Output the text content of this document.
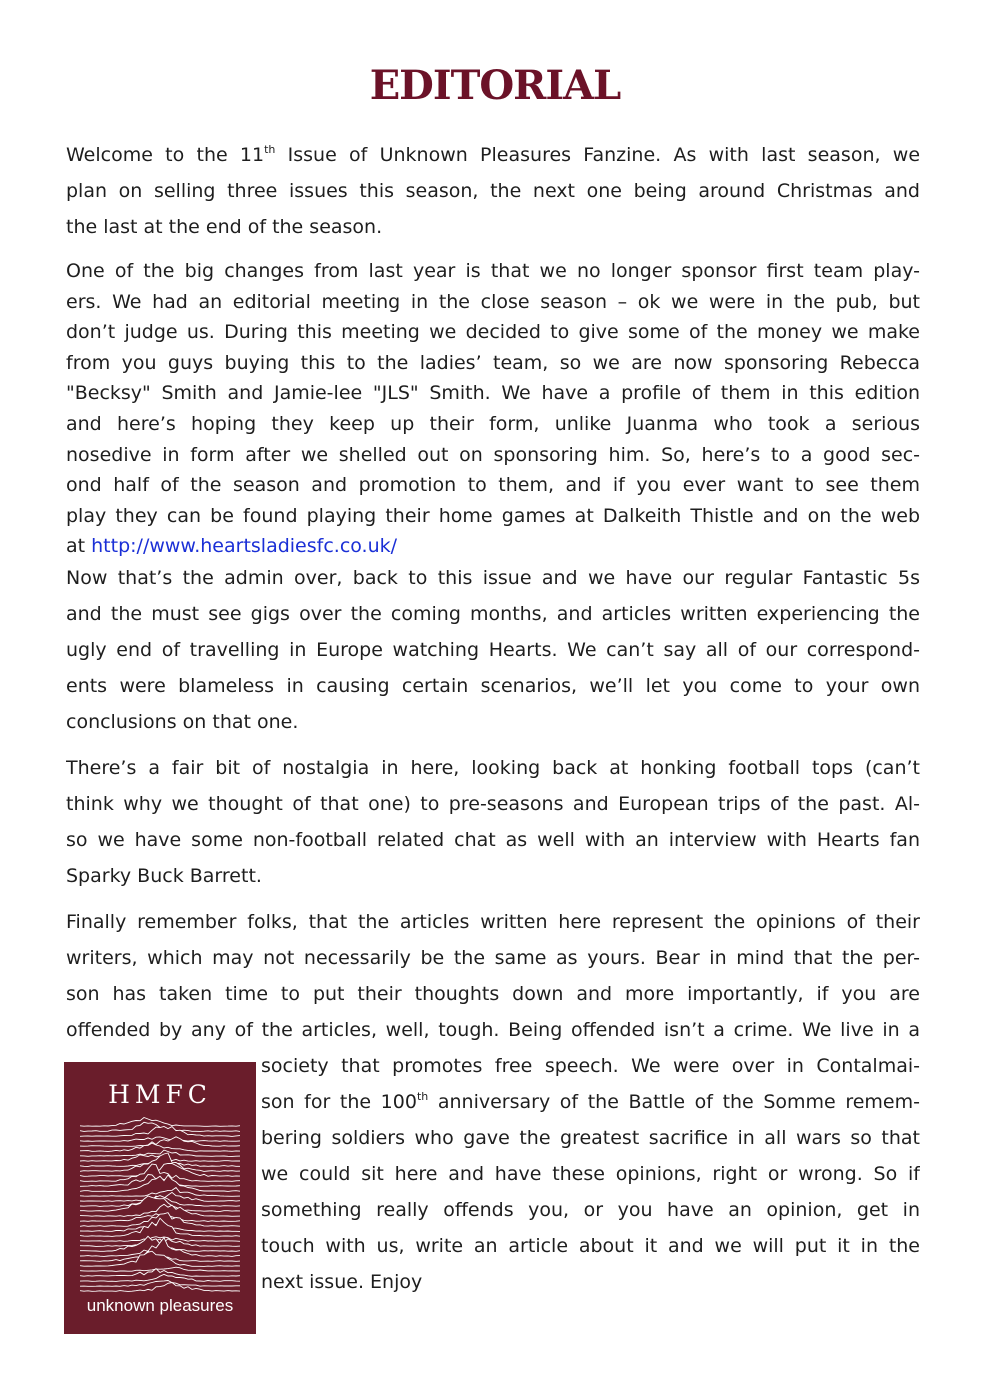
EDITORIAL
Welcome to the 11th Issue of Unknown Pleasures Fanzine. As with last season, we
plan on selling three issues this season, the next one being around Christmas and
the last at the end of the season.
One of the big changes from last year is that we no longer sponsor first team play-
ers. We had an editorial meeting in the close season – ok we were in the pub, but
don’t judge us. During this meeting we decided to give some of the money we make
from you guys buying this to the ladies’ team, so we are now sponsoring Rebecca
"Becksy" Smith and Jamie-lee "JLS" Smith. We have a profile of them in this edition
and here’s hoping they keep up their form, unlike Juanma who took a serious
nosedive in form after we shelled out on sponsoring him. So, here’s to a good sec-
ond half of the season and promotion to them, and if you ever want to see them
play they can be found playing their home games at Dalkeith Thistle and on the web
at http://www.heartsladiesfc.co.uk/
Now that’s the admin over, back to this issue and we have our regular Fantastic 5s
and the must see gigs over the coming months, and articles written experiencing the
ugly end of travelling in Europe watching Hearts. We can’t say all of our correspond-
ents were blameless in causing certain scenarios, we’ll let you come to your own
conclusions on that one.
There’s a fair bit of nostalgia in here, looking back at honking football tops (can’t
think why we thought of that one) to pre-seasons and European trips of the past. Al-
so we have some non-football related chat as well with an interview with Hearts fan
Sparky Buck Barrett.
Finally remember folks, that the articles written here represent the opinions of their
writers, which may not necessarily be the same as yours. Bear in mind that the per-
son has taken time to put their thoughts down and more importantly, if you are
offended by any of the articles, well, tough. Being offended isn’t a crime. We live in a
society that promotes free speech. We were over in Contalmai-
son for the 100th anniversary of the Battle of the Somme remem-
bering soldiers who gave the greatest sacrifice in all wars so that
we could sit here and have these opinions, right or wrong. So if
something really offends you, or you have an opinion, get in
touch with us, write an article about it and we will put it in the
next issue. Enjoy
HMFC
unknown pleasures
